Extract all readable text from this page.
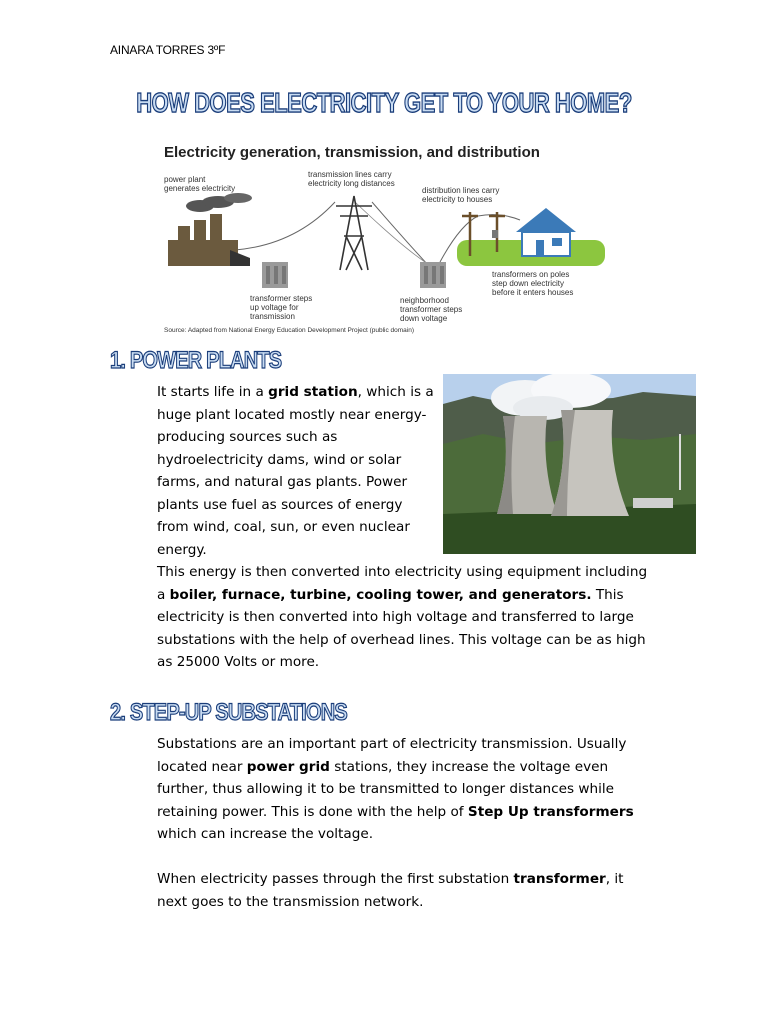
AINARA TORRES 3ºF
HOW DOES ELECTRICITY GET TO YOUR HOME?
Electricity generation, transmission, and distribution
power plant
generates electricity
transmission lines carry
electricity long distances
distribution lines carry
electricity to houses
transformer steps
up voltage for
transmission
neighborhood
transformer steps
down voltage
transformers on poles
step down electricity
before it enters houses
Source: Adapted from National Energy Education Development Project (public domain)
1. POWER PLANTS

It starts life in a grid station, which is a huge plant located mostly near energy-producing sources such as hydroelectricity dams, wind or solar farms, and natural gas plants. Power plants use fuel as sources of energy from wind, coal, sun, or even nuclear energy.

This energy is then converted into electricity using equipment including a boiler, furnace, turbine, cooling tower, and generators. This electricity is then converted into high voltage and transferred to large substations with the help of overhead lines. This voltage can be as high as 25000 Volts or more.

2. STEP-UP SUBSTATIONS

Substations are an important part of electricity transmission. Usually located near power grid stations, they increase the voltage even further, thus allowing it to be transmitted to longer distances while retaining power. This is done with the help of Step Up transformers which can increase the voltage.

When electricity passes through the first substation transformer, it next goes to the transmission network.
